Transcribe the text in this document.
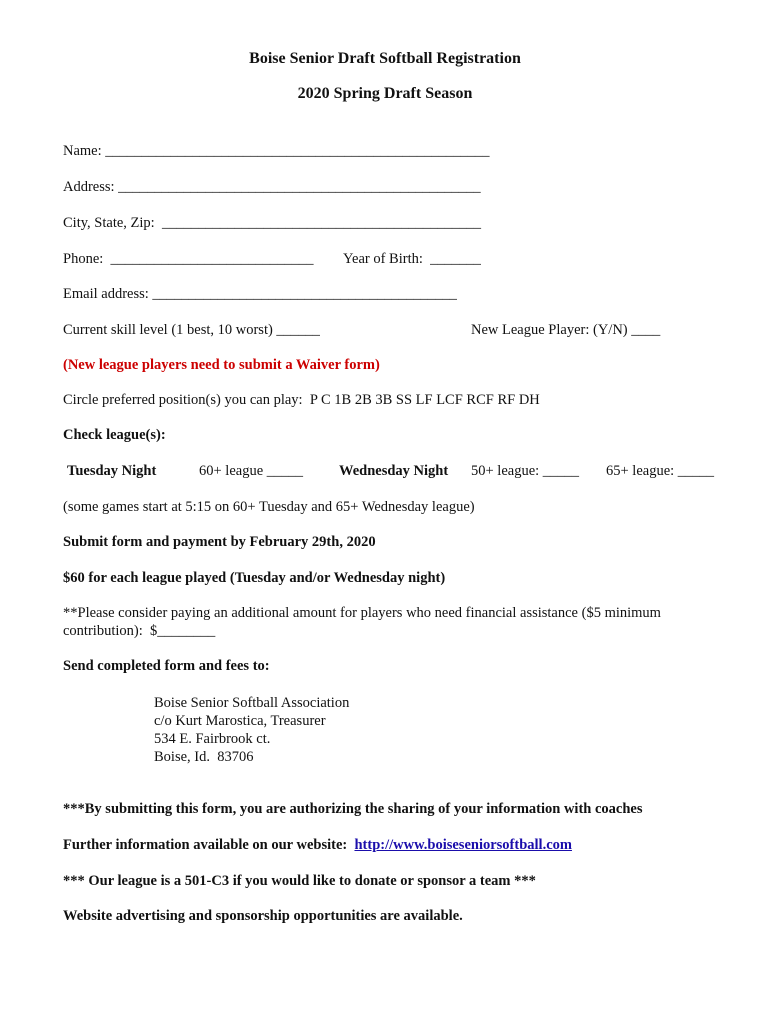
Boise Senior Draft Softball Registration
2020 Spring Draft Season
Name: _____________________________________________________
Address: __________________________________________________
City, State, Zip:  ____________________________________________
Phone:  ____________________________ Year of Birth:  _______
Email address: __________________________________________
Current skill level (1 best, 10 worst) ______	New League Player: (Y/N) ____
(New league players need to submit a Waiver form)
Circle preferred position(s) you can play:  P C 1B 2B 3B SS LF LCF RCF RF DH
Check league(s):
Tuesday Night	60+ league _____ Wednesday Night 50+ league: _____ 65+ league: _____
(some games start at 5:15 on 60+ Tuesday and 65+ Wednesday league)
Submit form and payment by February 29th, 2020
$60 for each league played (Tuesday and/or Wednesday night)
**Please consider paying an additional amount for players who need financial assistance ($5 minimum
contribution):  $________
Send completed form and fees to:
Boise Senior Softball Association
c/o Kurt Marostica, Treasurer
534 E. Fairbrook ct.
Boise, Id.  83706
***By submitting this form, you are authorizing the sharing of your information with coaches
Further information available on our website:  http://www.boiseseniorsoftball.com
*** Our league is a 501-C3 if you would like to donate or sponsor a team ***
Website advertising and sponsorship opportunities are available.
